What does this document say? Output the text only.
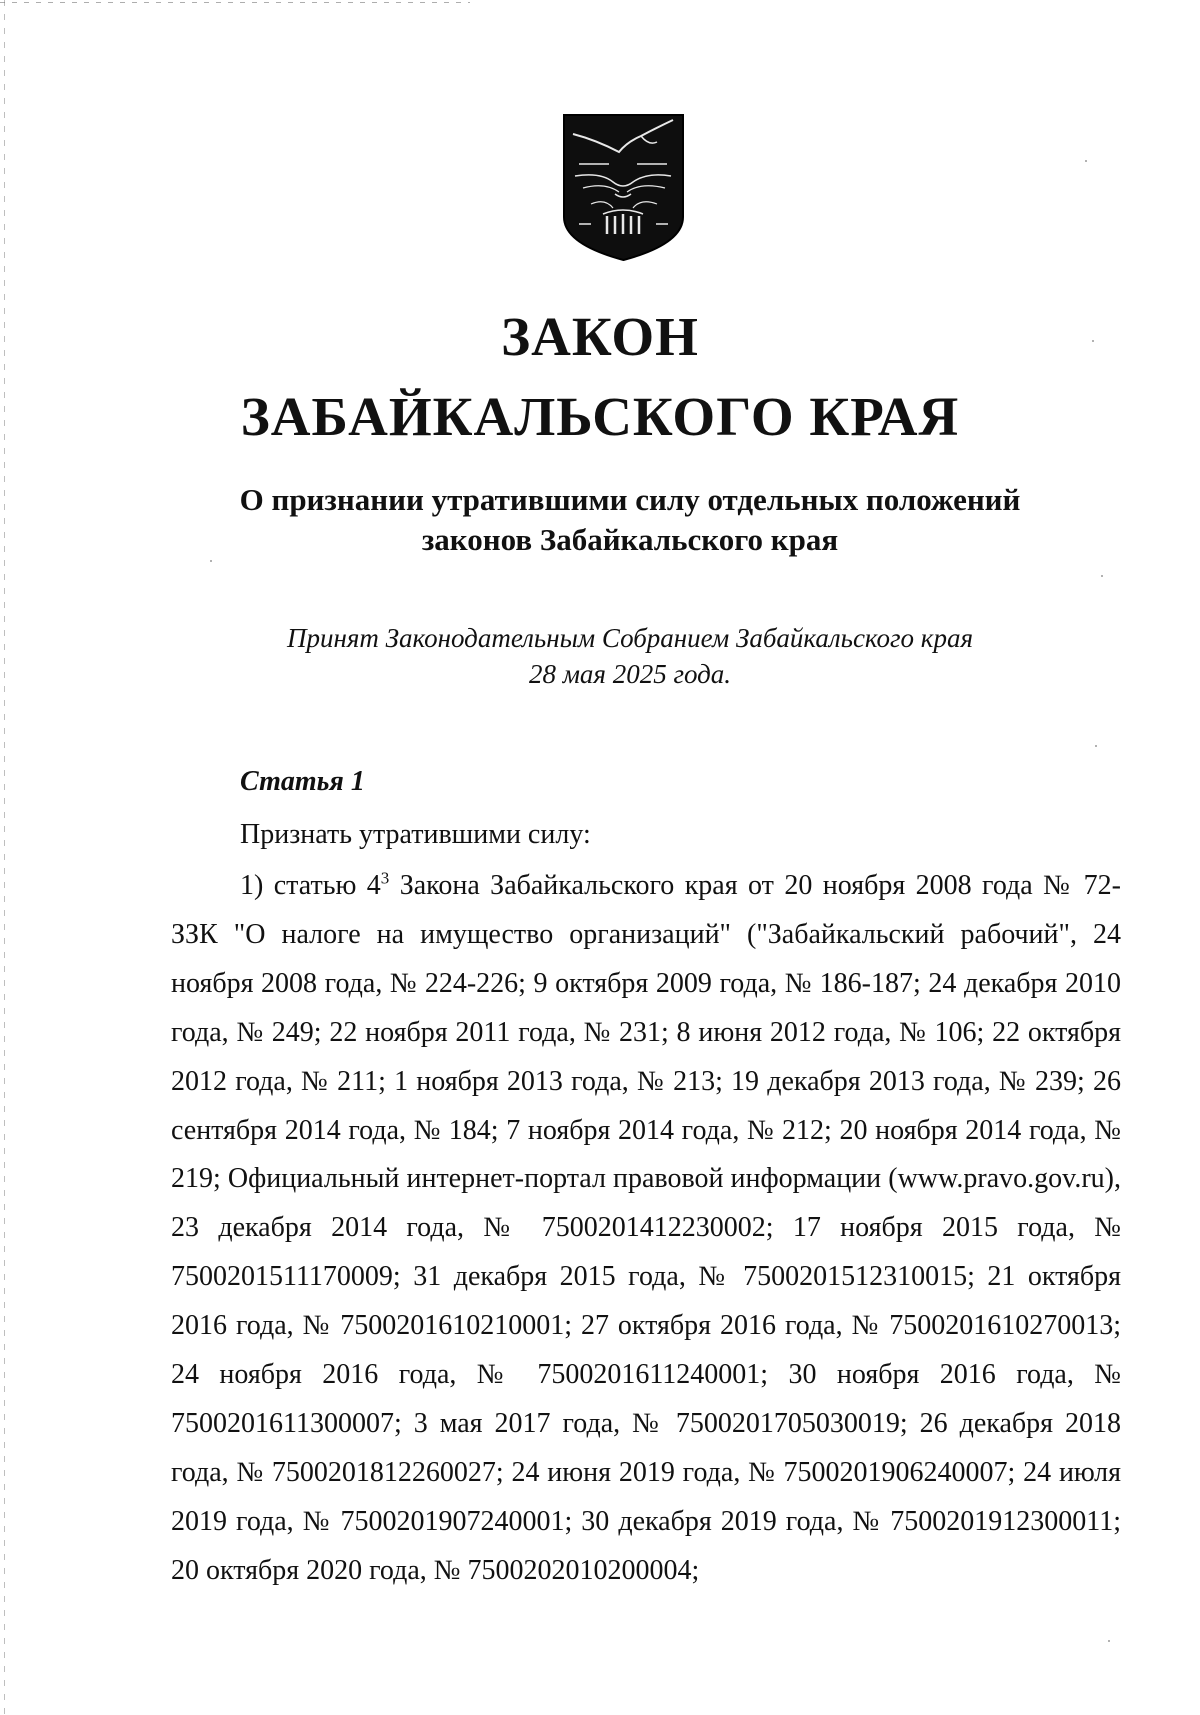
ЗАКОН
ЗАБАЙКАЛЬСКОГО КРАЯ

О признании утратившими силу отдельных положений
законов Забайкальского края

Принят Законодательным Собранием Забайкальского края
28 мая 2025 года.

Статья 1

Признать утратившими силу:

1) статью $4^3$ Законa Забайкальского края от 20 ноября 2008 года № 72-ЗЗК "О налоге на имущество организаций" ("Забайкальский рабочий", 24 ноября 2008 года, № 224-226; 9 октября 2009 года, № 186-187; 24 декабря 2010 года, № 249; 22 ноября 2011 года, № 231; 8 июня 2012 года, № 106; 22 октября 2012 года, № 211; 1 ноября 2013 года, № 213; 19 декабря 2013 года, № 239; 26 сентября 2014 года, № 184; 7 ноября 2014 года, № 212; 20 ноября 2014 года, № 219; Официальный интернет-портал правовой информации (www.pravo.gov.ru), 23 декабря 2014 года, № 7500201412230002; 17 ноября 2015 года, № 7500201511170009; 31 декабря 2015 года, № 7500201512310015; 21 октября 2016 года, № 7500201610210001; 27 октября 2016 года, № 7500201610270013; 24 ноября 2016 года, № 7500201611240001; 30 ноября 2016 года, № 7500201611300007; 3 мая 2017 года, № 7500201705030019; 26 декабря 2018 года, № 7500201812260027; 24 июня 2019 года, № 7500201906240007; 24 июля 2019 года, № 7500201907240001; 30 декабря 2019 года, № 7500201912300011; 20 октября 2020 года, № 7500202010200004;
